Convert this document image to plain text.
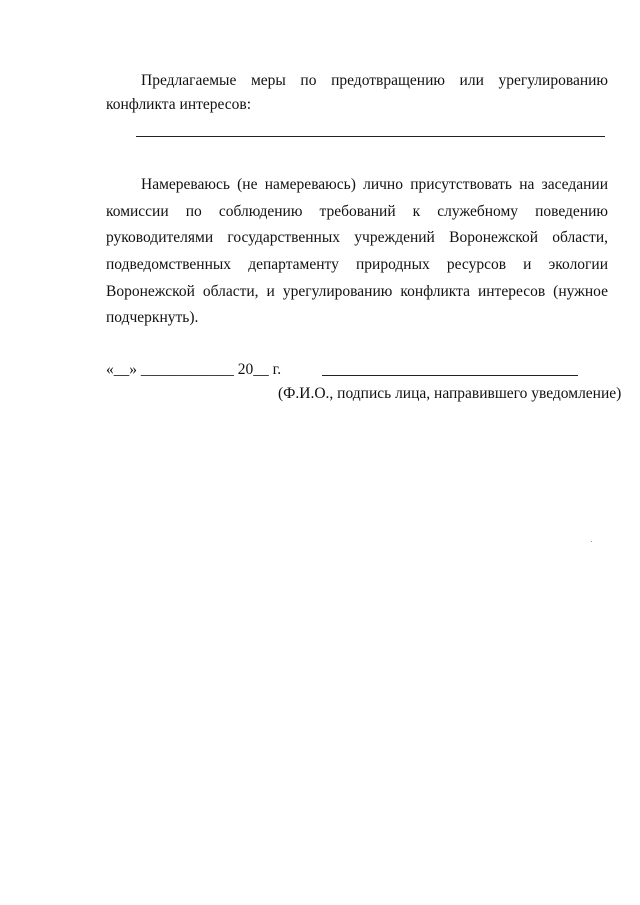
Предлагаемые меры по предотвращению или урегулированию
конфликта интересов:
Намереваюсь (не намереваюсь) лично присутствовать на заседании
комиссии по соблюдению требований к служебному поведению
руководителями государственных учреждений Воронежской области,
подведомственных департаменту природных ресурсов и экологии
Воронежской области, и урегулированию конфликта интересов (нужное
подчеркнуть).
«__» ____________ 20__ г.
(Ф.И.О., подпись лица, направившего уведомление)
